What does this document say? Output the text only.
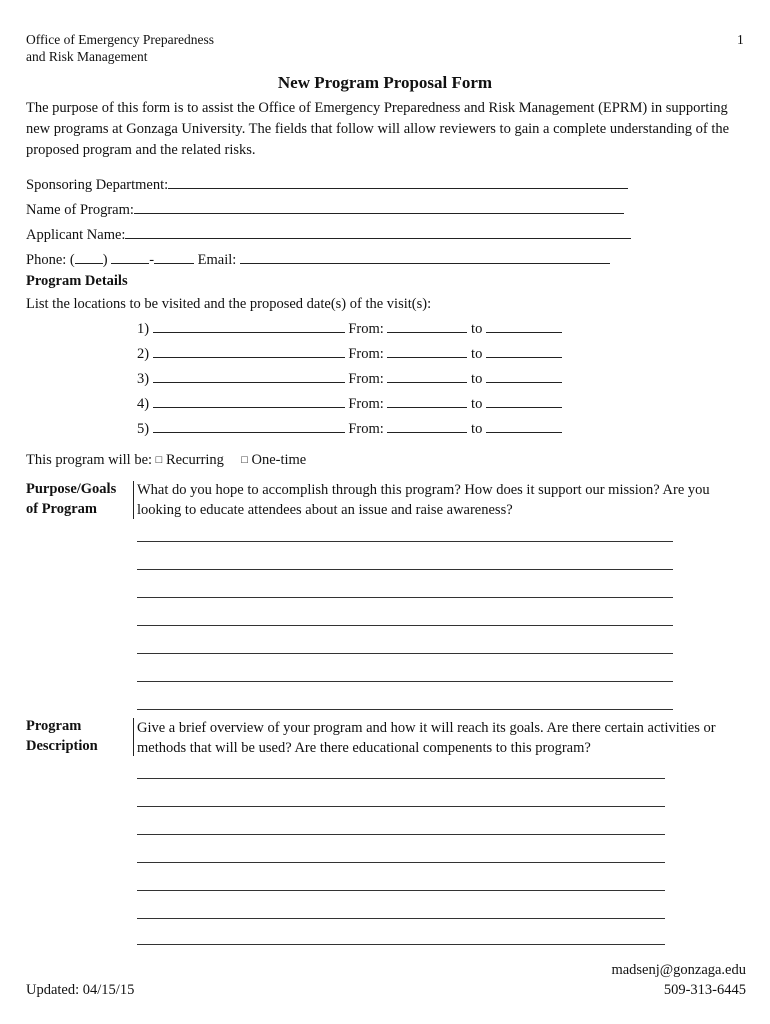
Office of Emergency Preparedness
and Risk Management
1
New Program Proposal Form
The purpose of this form is to assist the Office of Emergency Preparedness and Risk Management (EPRM) in supporting new programs at Gonzaga University. The fields that follow will allow reviewers to gain a complete understanding of the proposed program and the related risks.
Sponsoring Department:
Name of Program:
Applicant Name:
Phone: ( )	-	Email:
Program Details
List the locations to be visited and the proposed date(s) of the visit(s):
1)	From:	to
2)	From:	to
3)	From:	to
4)	From:	to
5)	From:	to
This program will be: □ Recurring □ One-time
Purpose/Goals
of Program
What do you hope to accomplish through this program? How does it support our mission? Are you looking to educate attendees about an issue and raise awareness?
Program
Description
Give a brief overview of your program and how it will reach its goals. Are there certain activities or methods that will be used? Are there educational compenents to this program?
Updated: 04/15/15
madsenj@gonzaga.edu
509-313-6445
